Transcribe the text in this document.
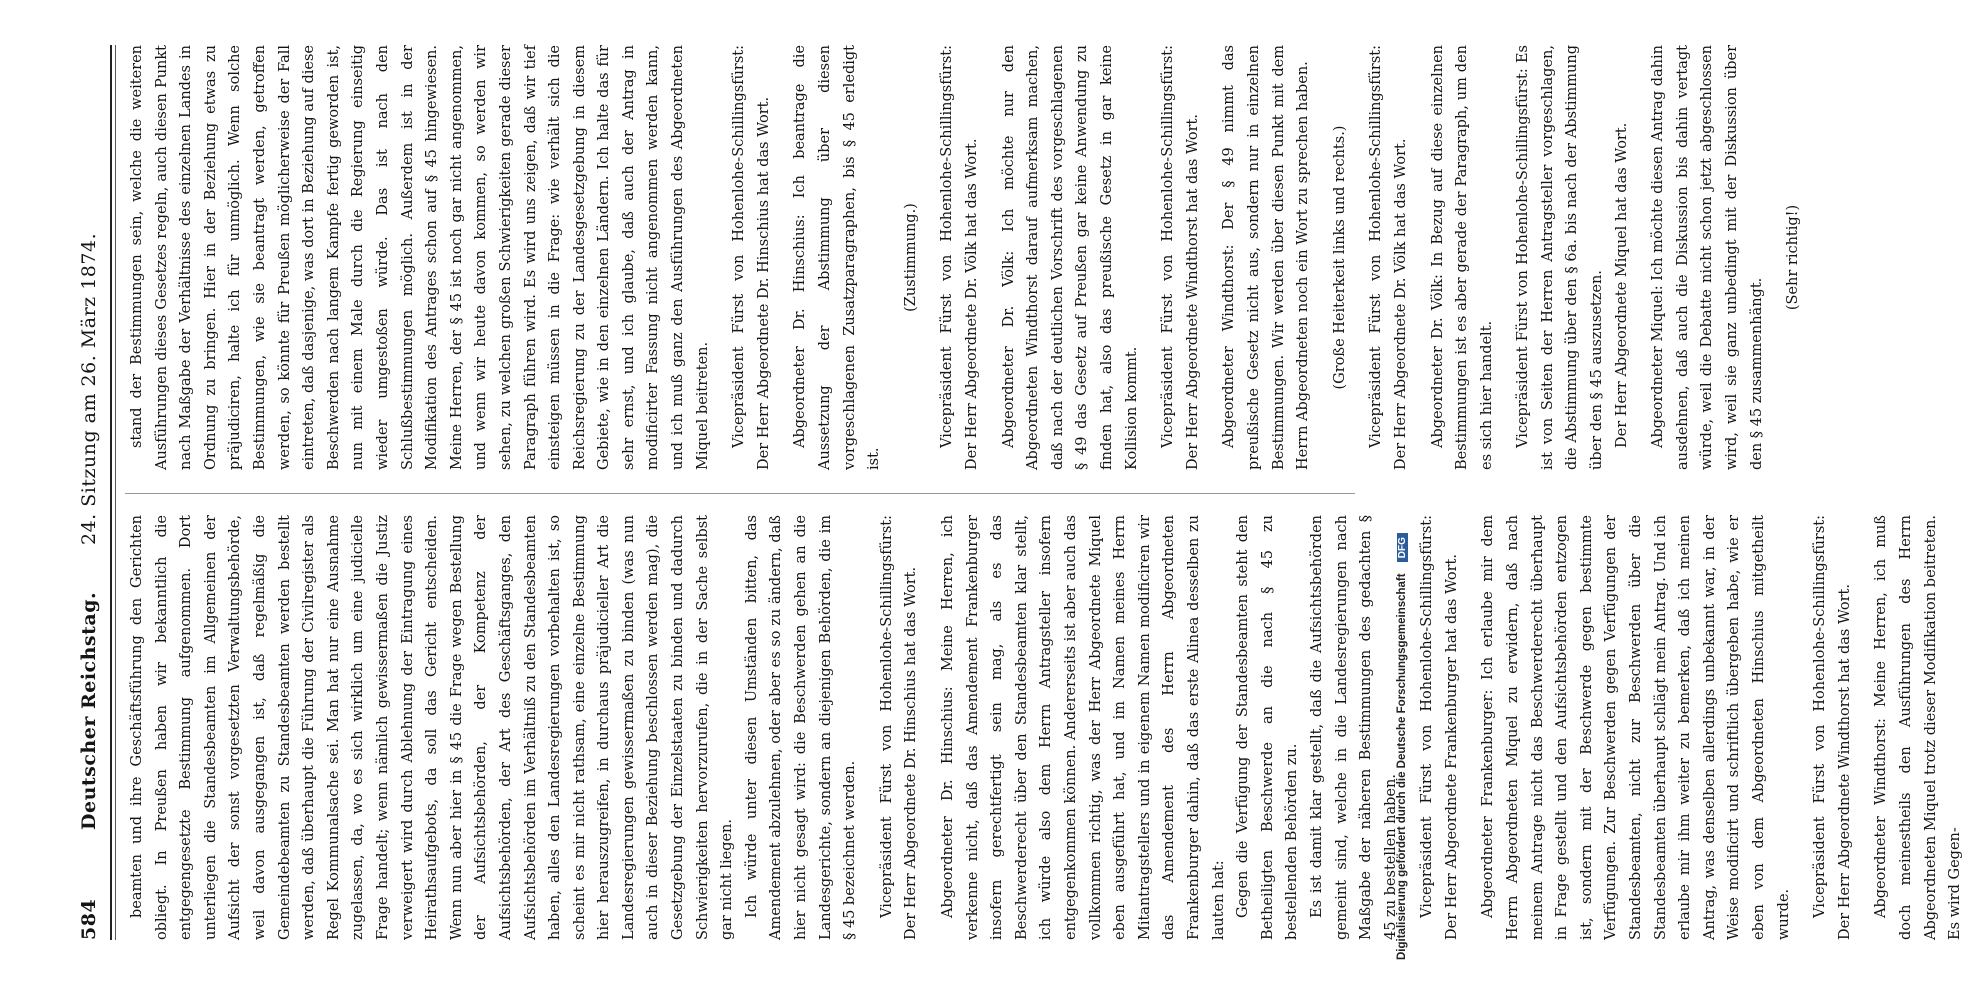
584
Deutscher Reichstag.
24. Sitzung am 26. März 1874.

beamten und ihre Geschäftsführung den Gerichten obliegt. In Preußen haben wir bekanntlich die entgegengesetzte Bestimmung aufgenommen. Dort unterliegen die Standesbeamten im Allgemeinen der Aufsicht der sonst vorgesetzten Verwaltungsbehörde, weil davon ausgegangen ist, daß regelmäßig die Gemeindebeamten zu Standesbeamten werden bestellt werden, daß überhaupt die Führung der Civilregister als Regel Kommunalsache sei. Man hat nur eine Ausnahme zugelassen, da, wo es sich wirklich um eine judicielle Frage handelt; wenn nämlich gewissermaßen die Justiz verweigert wird durch Ablehnung der Eintragung eines Heirathsaufgebots, da soll das Gericht entscheiden. Wenn nun aber hier in § 45 die Frage wegen Bestellung der Aufsichtsbehörden, der Kompetenz der Aufsichtsbehörden, der Art des Geschäftsganges, den Aufsichtsbehörden im Verhältniß zu den Standesbeamten haben, alles den Landesregierungen vorbehalten ist, so scheint es mir nicht rathsam, eine einzelne Bestimmung hier herauszugreifen, in durchaus präjudicieller Art die Landesregierungen gewissermaßen zu binden (was nun auch in dieser Beziehung beschlossen werden mag), die Gesetzgebung der Einzelstaaten zu binden und dadurch Schwierigkeiten hervorzurufen, die in der Sache selbst gar nicht liegen. Ich würde unter diesen Umständen bitten, das Amendement abzulehnen, oder aber es so zu ändern, daß hier nicht gesagt wird: die Beschwerden gehen an die Landesgerichte, sondern an diejenigen Behörden, die im § 45 bezeichnet werden.	Vicepräsident Fürst von Hohenlohe-Schillingsfürst: Der Herr Abgeordnete Dr. Hinschius hat das Wort.	Abgeordneter Dr. Hinschius: Meine Herren, ich verkenne nicht, daß das Amendement Frankenburger insofern gerechtfertigt sein mag, als es das Beschwerderecht über den Standesbeamten klar stellt, ich würde also dem Herrn Antragsteller insofern entgegenkommen können. Andererseits ist aber auch das vollkommen richtig, was der Herr Abgeordnete Miquel eben ausgeführt hat, und im Namen meines Herrn Mitantragstellers und in eigenem Namen modificiren wir das Amendement des Herrn Abgeordneten Frankenburger dahin, daß das erste Alinea desselben zu lauten hat: Gegen die Verfügung der Standesbeamten steht den Betheiligten Beschwerde an die nach § 45 zu bestellenden Behörden zu. Es ist damit klar gestellt, daß die Aufsichtsbehörden gemeint sind, welche in die Landesregierungen nach Maßgabe der näheren Bestimmungen des gedachten § 45 zu bestellen haben.	Vicepräsident Fürst von Hohenlohe-Schillingsfürst: Der Herr Abgeordnete Frankenburger hat das Wort.	Abgeordneter Frankenburger: Ich erlaube mir dem Herrn Abgeordneten Miquel zu erwidern, daß nach meinem Antrage nicht das Beschwerderecht überhaupt in Frage gestellt und den Aufsichtsbehörden entzogen ist, sondern mit der Beschwerde gegen bestimmte Verfügungen. Zur Beschwerden gegen Verfügungen der Standesbeamten, nicht zur Beschwerden über die Standesbeamten überhaupt schlägt mein Antrag. Und ich erlaube mir ihm weiter zu bemerken, daß ich meinen Antrag, was denselben allerdings unbekannt war, in der Weise modificirt und schriftlich übergeben habe, wie er eben von dem Abgeordneten Hinschius mitgetheilt wurde.	Vicepräsident Fürst von Hohenlohe-Schillingsfürst: Der Herr Abgeordnete Windthorst hat das Wort.	Abgeordneter Windthorst: Meine Herren, ich muß doch meinestheils den Ausführungen des Herrn Abgeordneten Miquel trotz dieser Modifikation beitreten. Es wird Gegen-

stand der Bestimmungen sein, welche die weiteren Ausführungen dieses Gesetzes regeln, auch diesen Punkt nach Maßgabe der Verhältnisse des einzelnen Landes in Ordnung zu bringen. Hier in der Beziehung etwas zu präjudiciren, halte ich für unmöglich. Wenn solche Bestimmungen, wie sie beantragt werden, getroffen werden, so könnte für Preußen möglicherweise der Fall eintreten, daß dasjenige, was dort in Beziehung auf diese Beschwerden nach langem Kampfe fertig geworden ist, nun mit einem Male durch die Regierung einseitig wieder umgestoßen würde. Das ist nach den Schlußbestimmungen möglich. Außerdem ist in der Modifikation des Antrages schon auf § 45 hingewiesen. Meine Herren, der § 45 ist noch gar nicht angenommen, und wenn wir heute davon kommen, so werden wir sehen, zu welchen großen Schwierigkeiten gerade dieser Paragraph führen wird. Es wird uns zeigen, daß wir tief einsteigen müssen in die Frage: wie verhält sich die Reichsregierung zu der Landesgesetzgebung in diesem Gebiete, wie in den einzelnen Ländern. Ich halte das für sehr ernst, und ich glaube, daß auch der Antrag in modificirter Fassung nicht angenommen werden kann, und ich muß ganz den Ausführungen des Abgeordneten Miquel beitreten.	Vicepräsident Fürst von Hohenlohe-Schillingsfürst: Der Herr Abgeordnete Dr. Hinschius hat das Wort.	Abgeordneter Dr. Hinschius: Ich beantrage die Aussetzung der Abstimmung über diesen vorgeschlagenen Zusatzparagraphen, bis § 45 erledigt ist.

(Zustimmung.)	Vicepräsident Fürst von Hohenlohe-Schillingsfürst: Der Herr Abgeordnete Dr. Völk hat das Wort.	Abgeordneter Dr. Völk: Ich möchte nur den Abgeordneten Windthorst darauf aufmerksam machen, daß nach der deutlichen Vorschrift des vorgeschlagenen § 49 das Gesetz auf Preußen gar keine Anwendung zu finden hat, also das preußische Gesetz in gar keine Kollision kommt.	Vicepräsident Fürst von Hohenlohe-Schillingsfürst: Der Herr Abgeordnete Windthorst hat das Wort.	Abgeordneter Windthorst: Der § 49 nimmt das preußische Gesetz nicht aus, sondern nur in einzelnen Bestimmungen. Wir werden über diesen Punkt mit dem Herrn Abgeordneten noch ein Wort zu sprechen haben.	(Große Heiterkeit links und rechts.)	Vicepräsident Fürst von Hohenlohe-Schillingsfürst: Der Herr Abgeordnete Dr. Völk hat das Wort.	Abgeordneter Dr. Völk: In Bezug auf diese einzelnen Bestimmungen ist es aber gerade der Paragraph, um den es sich hier handelt.	Vicepräsident Fürst von Hohenlohe-Schillingsfürst: Es ist von Seiten der Herren Antragsteller vorgeschlagen, die Abstimmung über den § 6a. bis nach der Abstimmung über den § 45 auszusetzen. Der Herr Abgeordnete Miquel hat das Wort.	Abgeordneter Miquel: Ich möchte diesen Antrag dahin ausdehnen, daß auch die Diskussion bis dahin vertagt würde, weil die Debatte nicht schon jetzt abgeschlossen wird, weil sie ganz unbedingt mit der Diskussion über den § 45 zusammenhängt.

(Sehr richtig!)

Digitalisierung gefördert durch die Deutsche Forschungsgemeinschaft DFG
